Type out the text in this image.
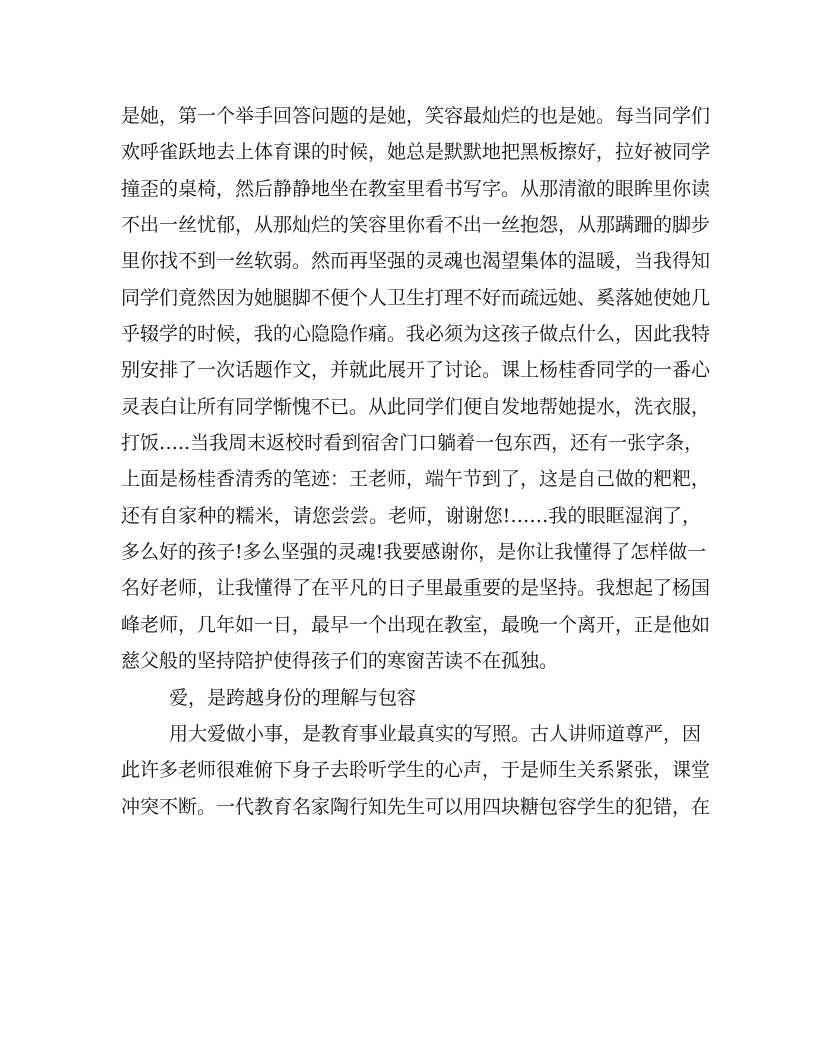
是她，第一个举手回答问题的是她，笑容最灿烂的也是她。每当同学们
欢呼雀跃地去上体育课的时候，她总是默默地把黑板擦好，拉好被同学
撞歪的桌椅，然后静静地坐在教室里看书写字。从那清澈的眼眸里你读
不出一丝忧郁，从那灿烂的笑容里你看不出一丝抱怨，从那蹒跚的脚步
里你找不到一丝软弱。然而再坚强的灵魂也渴望集体的温暖，当我得知
同学们竟然因为她腿脚不便个人卫生打理不好而疏远她、奚落她使她几
乎辍学的时候，我的心隐隐作痛。我必须为这孩子做点什么，因此我特
别安排了一次话题作文，并就此展开了讨论。课上杨桂香同学的一番心
灵表白让所有同学惭愧不已。从此同学们便自发地帮她提水，洗衣服，
打饭…..当我周末返校时看到宿舍门口躺着一包东西，还有一张字条，
上面是杨桂香清秀的笔迹：王老师，端午节到了，这是自己做的粑粑，
还有自家种的糯米，请您尝尝。老师，谢谢您!……我的眼眶湿润了，
多么好的孩子!多么坚强的灵魂!我要感谢你，是你让我懂得了怎样做一
名好老师，让我懂得了在平凡的日子里最重要的是坚持。我想起了杨国
峰老师，几年如一日，最早一个出现在教室，最晚一个离开，正是他如
慈父般的坚持陪护使得孩子们的寒窗苦读不在孤独。
爱，是跨越身份的理解与包容
用大爱做小事，是教育事业最真实的写照。古人讲师道尊严，因
此许多老师很难俯下身子去聆听学生的心声，于是师生关系紧张，课堂
冲突不断。一代教育名家陶行知先生可以用四块糖包容学生的犯错，在
